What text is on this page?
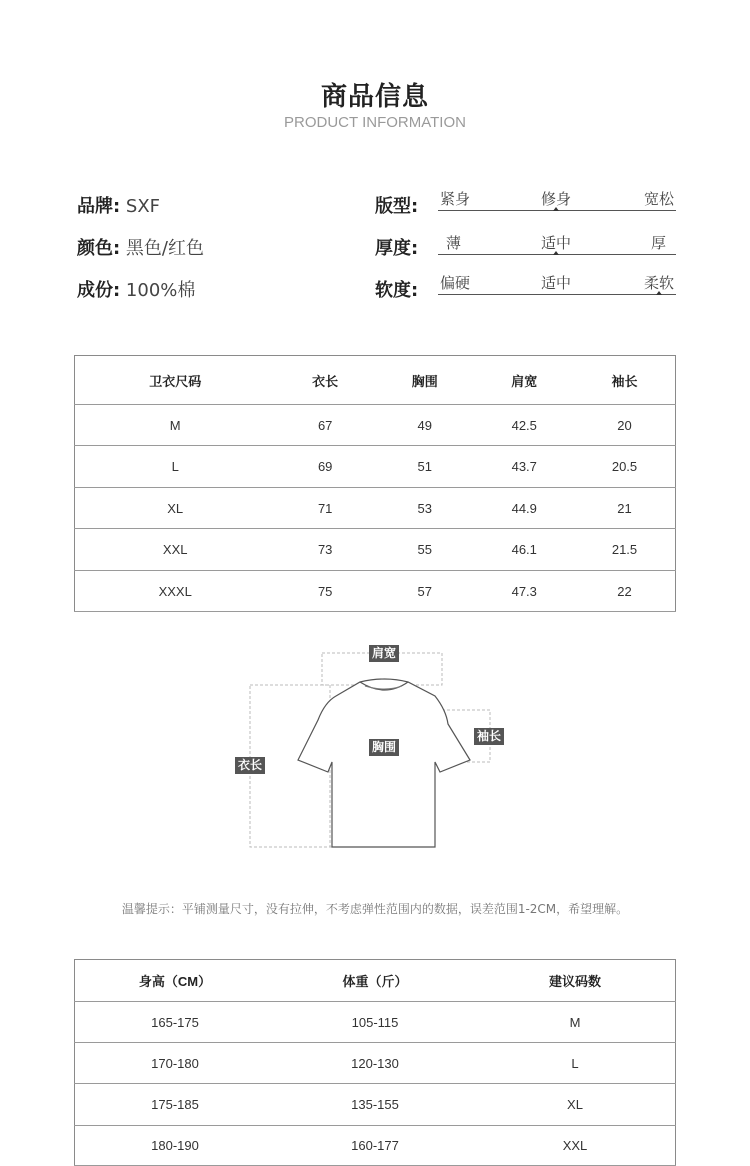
商品信息
PRODUCT INFORMATION
品牌: SXF
颜色: 黑色/红色
成份: 100%棉
版型: 紧身	修身	宽松
厚度: 薄	适中	厚
软度: 偏硬	适中	柔软
卫衣尺码	衣长	胸围	肩宽	袖长
M	67	49	42.5	20
L	69	51	43.7	20.5
XL	71	53	44.9	21
XXL	73	55	46.1	21.5
XXXL	75	57	47.3	22
肩宽
胸围
袖长
衣长
温馨提示：平铺测量尺寸，没有拉伸，不考虑弹性范围内的数据，误差范围1-2CM，希望理解。
身高（CM）	体重（斤）	建议码数
165-175	105-115	M
170-180	120-130	L
175-185	135-155	XL
180-190	160-177	XXL
